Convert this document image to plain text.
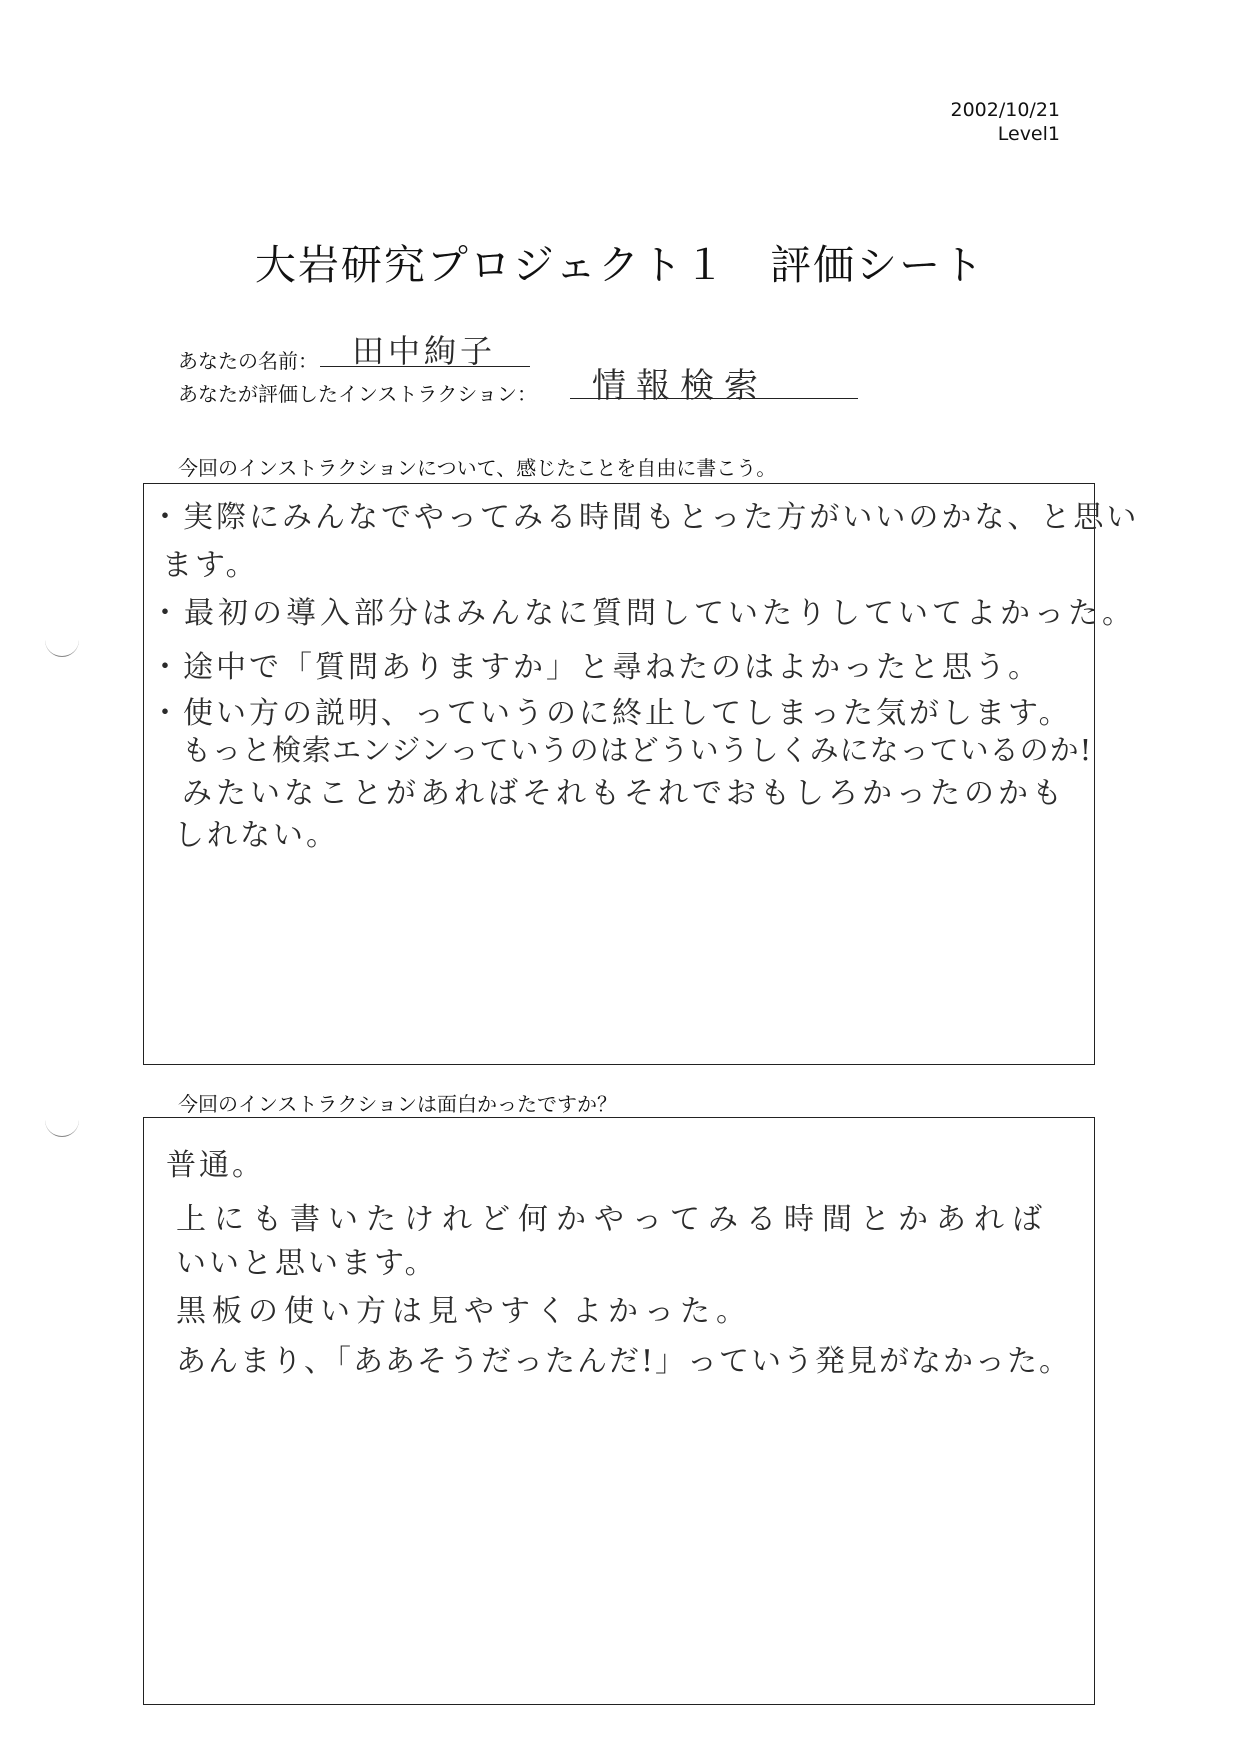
2002/10/21
Level1
大岩研究プロジェクト１　評価シート
あなたの名前： 田中絢子
あなたが評価したインストラクション： 情報検索
今回のインストラクションについて、感じたことを自由に書こう。
・実際にみんなでやってみる時間もとった方がいいのかな、と思い
ます。
・最初の導入部分はみんなに質問していたりしていてよかった。
・途中で「質問ありますか」と尋ねたのはよかったと思う。
・使い方の説明、っていうのに終止してしまった気がします。
もっと検索エンジンっていうのはどういうしくみになっているのか!
みたいなことがあればそれもそれでおもしろかったのかも
しれない。
今回のインストラクションは面白かったですか？
普通。
上にも書いたけれど何かやってみる時間とかあれば
いいと思います。
黒板の使い方は見やすくよかった。
あんまり、「ああそうだったんだ!」っていう発見がなかった。
